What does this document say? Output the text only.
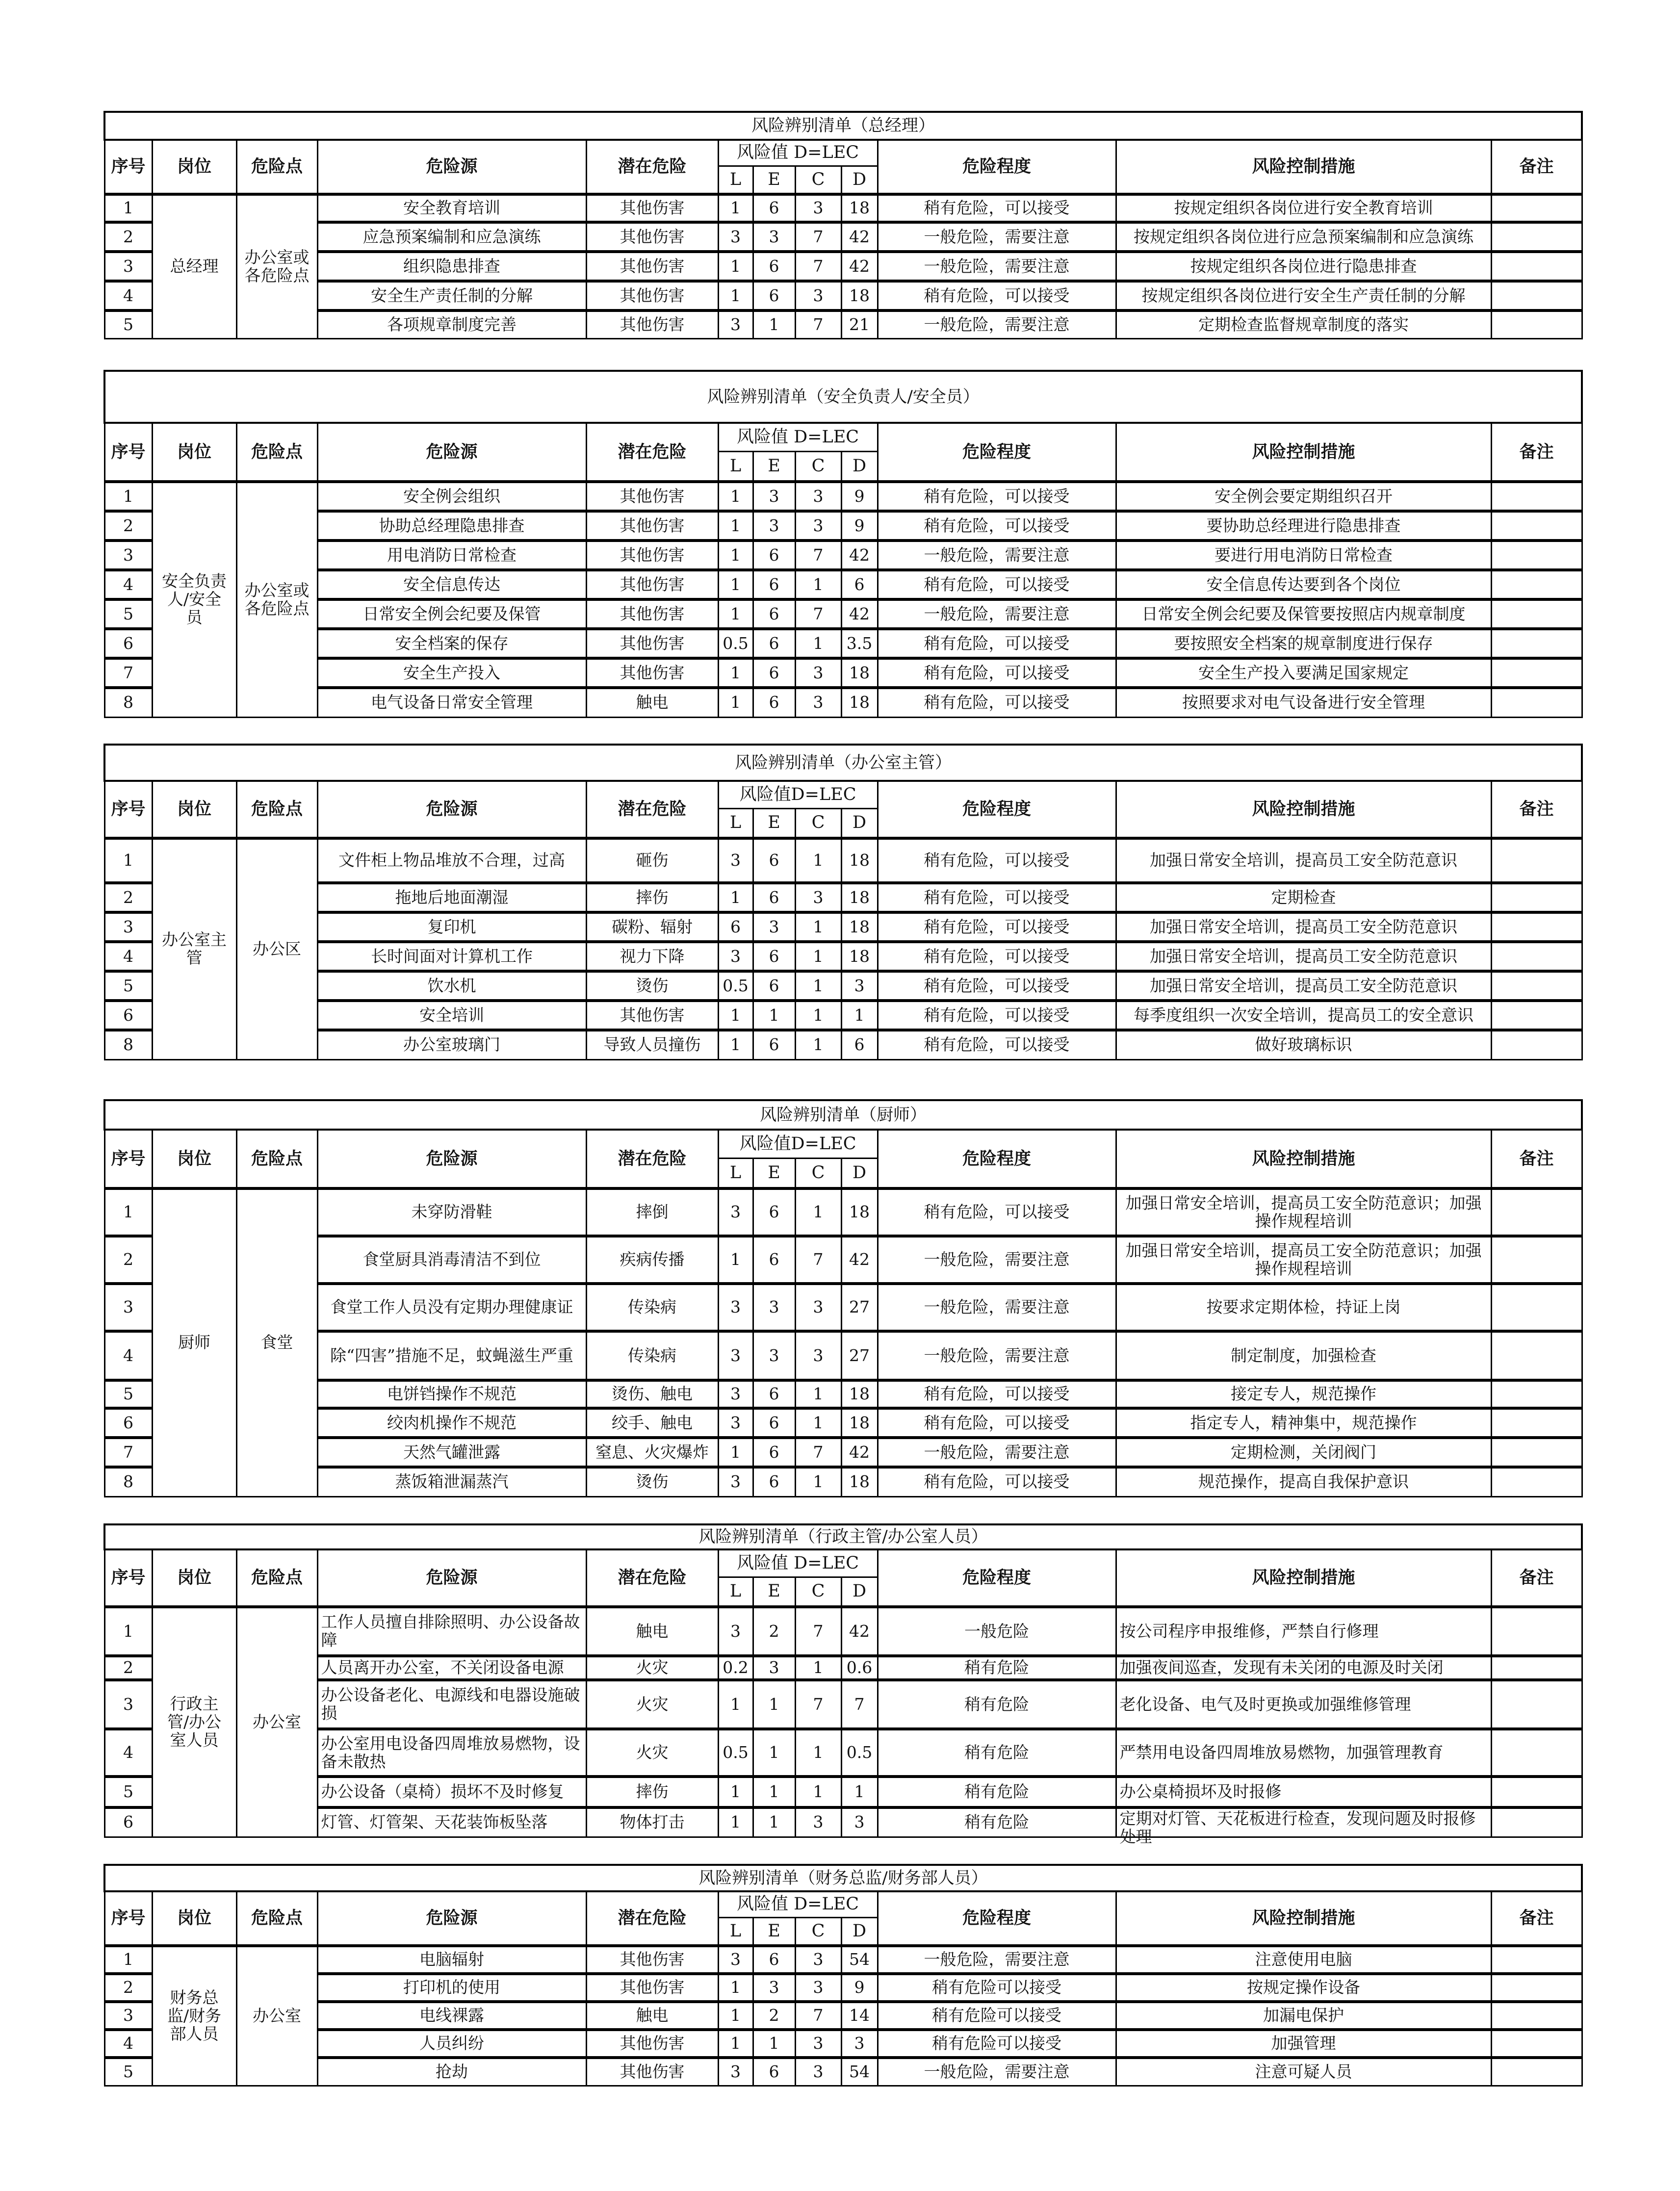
风险辨别清单（总经理）											
序号	岗位	危险点	危险源	潜在危险	风险值 D=LEC				危险程度	风险控制措施	备注
					L	E	C	D			

1	总经理	办公室或各危险点	安全教育培训	其他伤害	1	6	3	18	稍有危险，可以接受	按规定组织各岗位进行安全教育培训	

2			应急预案编制和应急演练	其他伤害	3	3	7	42	一般危险，需要注意	按规定组织各岗位进行应急预案编制和应急演练	

3			组织隐患排查	其他伤害	1	6	7	42	一般危险，需要注意	按规定组织各岗位进行隐患排查	

4			安全生产责任制的分解	其他伤害	1	6	3	18	稍有危险，可以接受	按规定组织各岗位进行安全生产责任制的分解	

5			各项规章制度完善	其他伤害	3	1	7	21	一般危险，需要注意	定期检查监督规章制度的落实	

风险辨别清单（安全负责人/安全员）											
序号	岗位	危险点	危险源	潜在危险	风险值 D=LEC				危险程度	风险控制措施	备注
					L	E	C	D			

1	安全负责人/安全员	办公室或各危险点	安全例会组织	其他伤害	1	3	3	9	稍有危险，可以接受	安全例会要定期组织召开	

2			协助总经理隐患排查	其他伤害	1	3	3	9	稍有危险，可以接受	要协助总经理进行隐患排查	

3			用电消防日常检查	其他伤害	1	6	7	42	一般危险，需要注意	要进行用电消防日常检查	

4			安全信息传达	其他伤害	1	6	1	6	稍有危险，可以接受	安全信息传达要到各个岗位	

5			日常安全例会纪要及保管	其他伤害	1	6	7	42	一般危险，需要注意	日常安全例会纪要及保管要按照店内规章制度	

6			安全档案的保存	其他伤害	0.5	6	1	3.5	稍有危险，可以接受	要按照安全档案的规章制度进行保存	

7			安全生产投入	其他伤害	1	6	3	18	稍有危险，可以接受	安全生产投入要满足国家规定	

8			电气设备日常安全管理	触电	1	6	3	18	稍有危险，可以接受	按照要求对电气设备进行安全管理	

风险辨别清单（办公室主管）											
序号	岗位	危险点	危险源	潜在危险	风险值D=LEC				危险程度	风险控制措施	备注
					L	E	C	D			

1	办公室主管	办公区	文件柜上物品堆放不合理，过高	砸伤	3	6	1	18	稍有危险，可以接受	加强日常安全培训，提高员工安全防范意识	

2			拖地后地面潮湿	摔伤	1	6	3	18	稍有危险，可以接受	定期检查	

3			复印机	碳粉、辐射	6	3	1	18	稍有危险，可以接受	加强日常安全培训，提高员工安全防范意识	

4			长时间面对计算机工作	视力下降	3	6	1	18	稍有危险，可以接受	加强日常安全培训，提高员工安全防范意识	

5			饮水机	烫伤	0.5	6	1	3	稍有危险，可以接受	加强日常安全培训，提高员工安全防范意识	

6			安全培训	其他伤害	1	1	1	1	稍有危险，可以接受	每季度组织一次安全培训，提高员工的安全意识	

8			办公室玻璃门	导致人员撞伤	1	6	1	6	稍有危险，可以接受	做好玻璃标识	

风险辨别清单（厨师）											
序号	岗位	危险点	危险源	潜在危险	风险值D=LEC				危险程度	风险控制措施	备注
					L	E	C	D			

1	厨师	食堂	未穿防滑鞋	摔倒	3	6	1	18	稍有危险，可以接受	加强日常安全培训，提高员工安全防范意识；加强操作规程培训	

2			食堂厨具消毒清洁不到位	疾病传播	1	6	7	42	一般危险，需要注意	加强日常安全培训，提高员工安全防范意识；加强操作规程培训	

3			食堂工作人员没有定期办理健康证	传染病	3	3	3	27	一般危险，需要注意	按要求定期体检，持证上岗	

4			除“四害”措施不足，蚊蝇滋生严重	传染病	3	3	3	27	一般危险，需要注意	制定制度，加强检查	

5			电饼铛操作不规范	烫伤、触电	3	6	1	18	稍有危险，可以接受	接定专人，规范操作	

6			绞肉机操作不规范	绞手、触电	3	6	1	18	稍有危险，可以接受	指定专人，精神集中，规范操作	

7			天然气罐泄露	窒息、火灾爆炸	1	6	7	42	一般危险，需要注意	定期检测，关闭阀门	

8			蒸饭箱泄漏蒸汽	烫伤	3	6	1	18	稍有危险，可以接受	规范操作，提高自我保护意识	

风险辨别清单（行政主管/办公室人员）											
序号	岗位	危险点	危险源	潜在危险	风险值 D=LEC				危险程度	风险控制措施	备注
					L	E	C	D			

1	行政主管/办公室人员	办公室	工作人员擅自排除照明、办公设备故障	触电	3	2	7	42	一般危险	按公司程序申报维修，严禁自行修理	

2			人员离开办公室，不关闭设备电源	火灾	0.2	3	1	0.6	稍有危险	加强夜间巡查，发现有未关闭的电源及时关闭	

3			办公设备老化、电源线和电器设施破损	火灾	1	1	7	7	稍有危险	老化设备、电气及时更换或加强维修管理	

4			办公室用电设备四周堆放易燃物，设备未散热	火灾	0.5	1	1	0.5	稍有危险	严禁用电设备四周堆放易燃物，加强管理教育	

5			办公设备（桌椅）损坏不及时修复	摔伤	1	1	1	1	稍有危险	办公桌椅损坏及时报修	

6			灯管、灯管架、天花装饰板坠落	物体打击	1	1	3	3	稍有危险	定期对灯管、天花板进行检查，发现问题及时报修处理	

风险辨别清单（财务总监/财务部人员）											
序号	岗位	危险点	危险源	潜在危险	风险值 D=LEC				危险程度	风险控制措施	备注
					L	E	C	D			

1	财务总监/财务部人员	办公室	电脑辐射	其他伤害	3	6	3	54	一般危险，需要注意	注意使用电脑	

2			打印机的使用	其他伤害	1	3	3	9	稍有危险可以接受	按规定操作设备	

3			电线裸露	触电	1	2	7	14	稍有危险可以接受	加漏电保护	

4			人员纠纷	其他伤害	1	1	3	3	稍有危险可以接受	加强管理	

5			抢劫	其他伤害	3	6	3	54	一般危险，需要注意	注意可疑人员	
